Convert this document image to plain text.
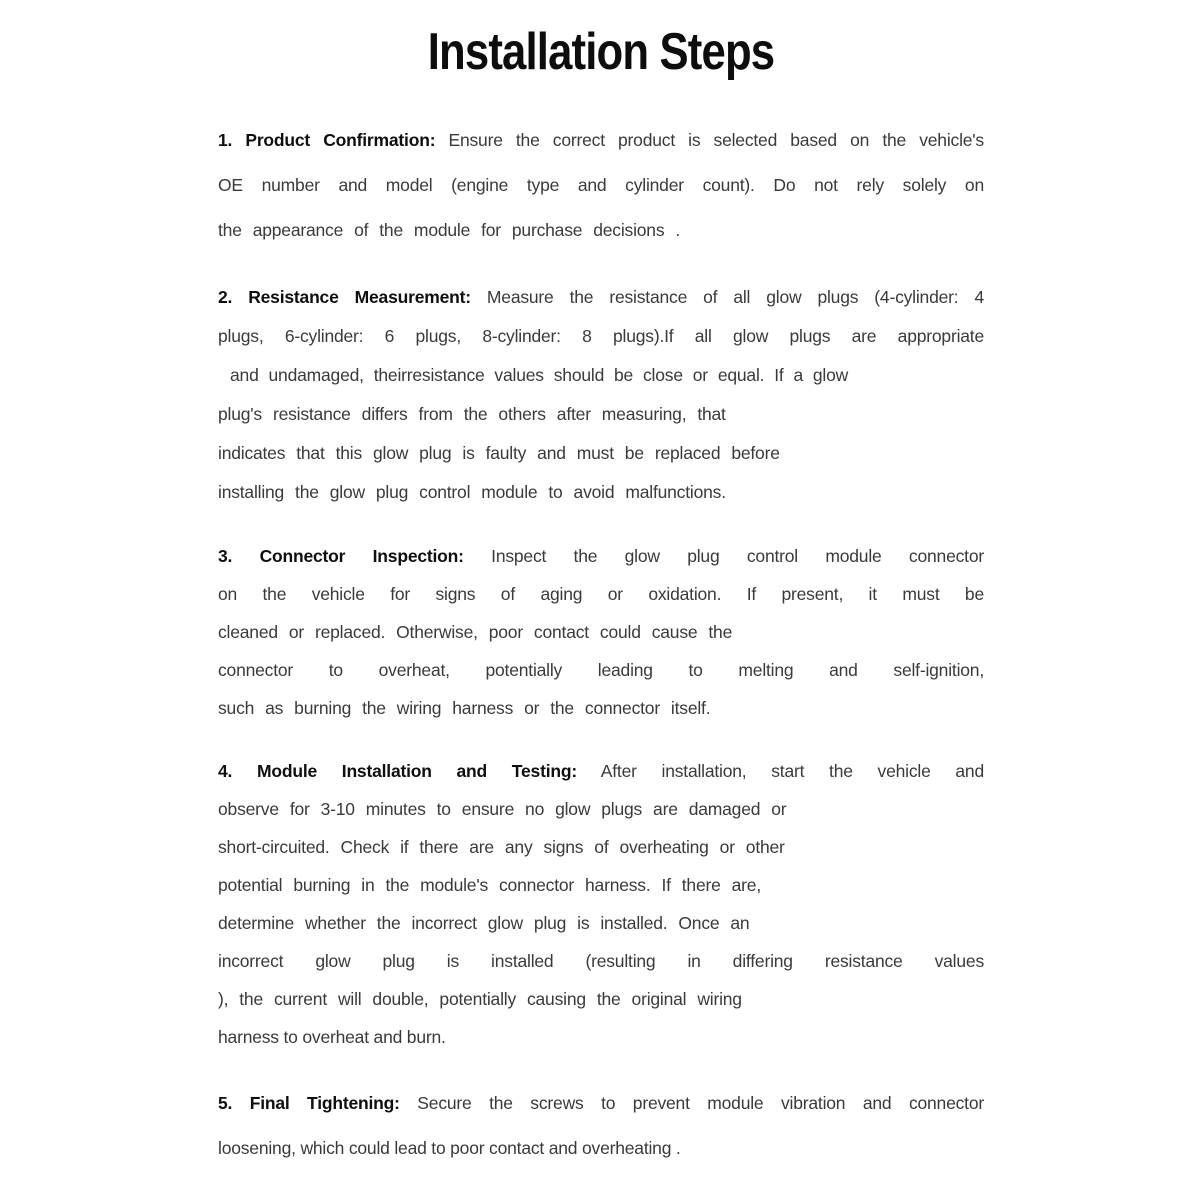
Installation Steps
1. Product Confirmation: Ensure the correct product is selected based on the vehicle's
OE number and model (engine type and cylinder count). Do not rely solely on
the appearance of the module for purchase decisions .
2. Resistance Measurement: Measure the resistance of all glow plugs (4-cylinder: 4
plugs, 6-cylinder: 6 plugs, 8-cylinder: 8 plugs).If all glow plugs are appropriate
and undamaged, theirresistance values should be close or equal. If a glow
plug's resistance differs from the others after measuring, that
indicates that this glow plug is faulty and must be replaced before
installing the glow plug control module to avoid malfunctions.
3. Connector Inspection: Inspect the glow plug control module connector
on the vehicle for signs of aging or oxidation. If present, it must be
cleaned or replaced. Otherwise, poor contact could cause the
connector to overheat, potentially leading to melting and self-ignition,
such as burning the wiring harness or the connector itself.
4. Module Installation and Testing: After installation, start the vehicle and
observe for 3-10 minutes to ensure no glow plugs are damaged or
short-circuited. Check if there are any signs of overheating or other
potential burning in the module's connector harness. If there are,
determine whether the incorrect glow plug is installed. Once an
incorrect glow plug is installed (resulting in differing resistance values
), the current will double, potentially causing the original wiring
harness to overheat and burn.
5. Final Tightening: Secure the screws to prevent module vibration and connector
loosening, which could lead to poor contact and overheating .
